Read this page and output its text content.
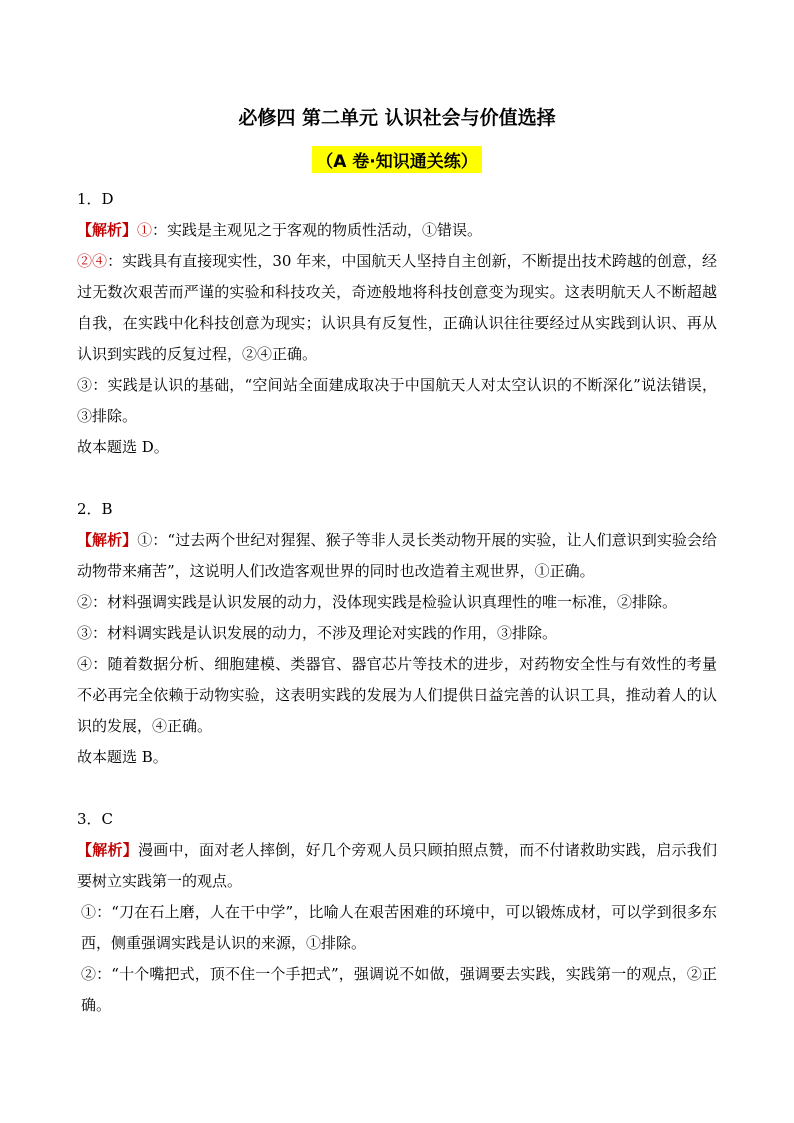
必修四 第二单元 认识社会与价值选择
（A 卷·知识通关练）

1．D

【解析】①：实践是主观见之于客观的物质性活动，①错误。

②④：实践具有直接现实性，30 年来，中国航天人坚持自主创新，不断提出技术跨越的创意，经过无数次艰苦而严谨的实验和科技攻关，奇迹般地将科技创意变为现实。这表明航天人不断超越自我，在实践中化科技创意为现实；认识具有反复性，正确认识往往要经过从实践到认识、再从认识到实践的反复过程，②④正确。

③：实践是认识的基础，“空间站全面建成取决于中国航天人对太空认识的不断深化”说法错误，③排除。

故本题选 D。

2．B

【解析】①：“过去两个世纪对猩猩、猴子等非人灵长类动物开展的实验，让人们意识到实验会给动物带来痛苦”，这说明人们改造客观世界的同时也改造着主观世界，①正确。

②：材料强调实践是认识发展的动力，没体现实践是检验认识真理性的唯一标准，②排除。

③：材料调实践是认识发展的动力，不涉及理论对实践的作用，③排除。

④：随着数据分析、细胞建模、类器官、器官芯片等技术的进步，对药物安全性与有效性的考量不必再完全依赖于动物实验，这表明实践的发展为人们提供日益完善的认识工具，推动着人的认识的发展，④正确。

故本题选 B。

3．C

【解析】漫画中，面对老人摔倒，好几个旁观人员只顾拍照点赞，而不付诸救助实践，启示我们要树立实践第一的观点。

①：“刀在石上磨，人在干中学”，比喻人在艰苦困难的环境中，可以锻炼成材，可以学到很多东西，侧重强调实践是认识的来源，①排除。

②：“十个嘴把式，顶不住一个手把式”，强调说不如做，强调要去实践，实践第一的观点，②正确。
